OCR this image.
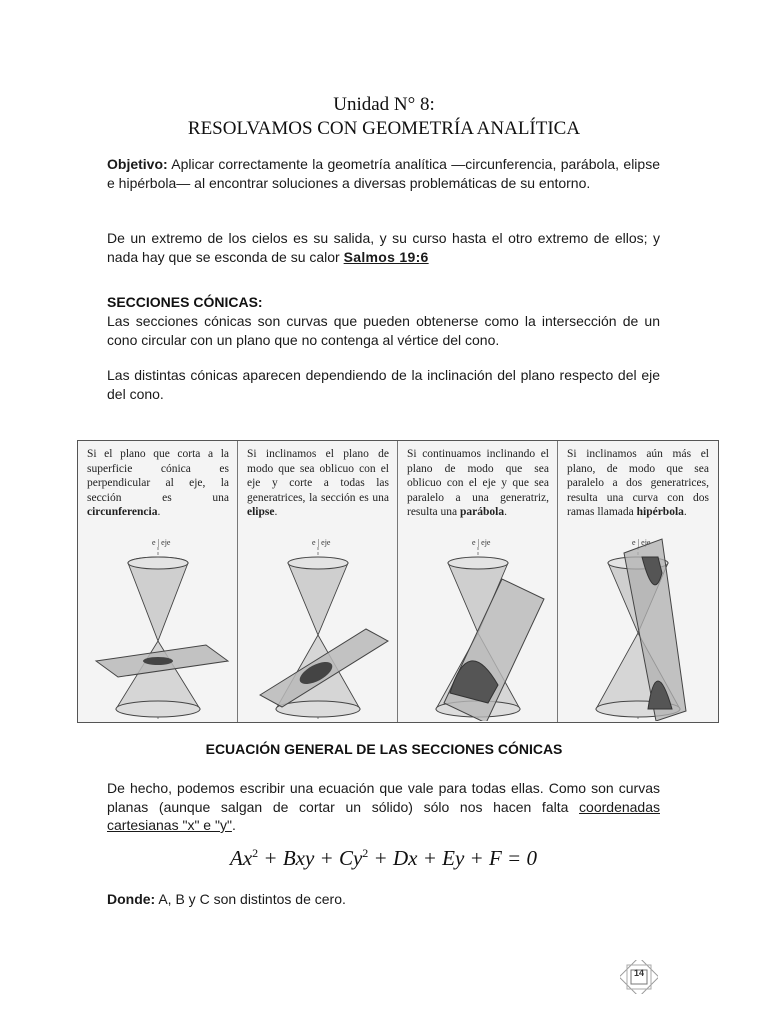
Unidad N° 8:
RESOLVAMOS CON GEOMETRÍA ANALÍTICA
Objetivo: Aplicar correctamente la geometría analítica —circunferencia, parábola, elipse e hipérbola— al encontrar soluciones a diversas problemáticas de su entorno.
De un extremo de los cielos es su salida, y su curso hasta el otro extremo de ellos; y nada hay que se esconda de su calor Salmos 19:6
SECCIONES CÓNICAS:
Las secciones cónicas son curvas que pueden obtenerse como la intersección de un cono circular con un plano que no contenga al vértice del cono.
Las distintas cónicas aparecen dependiendo de la inclinación del plano respecto del eje del cono.
Si el plano que corta a la superficie cónica es perpendicular al eje, la sección es una circunferencia.
e | eje
Si inclinamos el plano de modo que sea oblicuo con el eje y corte a todas las generatrices, la sección es una elipse.
e | eje
Si continuamos inclinando el plano de modo que sea oblicuo con el eje y que sea paralelo a una generatriz, resulta una parábola.
e | eje
Si inclinamos aún más el plano, de modo que sea paralelo a dos generatrices, resulta una curva con dos ramas llamada hipérbola.
e | eje
ECUACIÓN GENERAL DE LAS SECCIONES CÓNICAS
De hecho, podemos escribir una ecuación que vale para todas ellas. Como son curvas planas (aunque salgan de cortar un sólido) sólo nos hacen falta coordenadas cartesianas "x" e "y".
$Ax^2$ + Bxy + $Cy^2 + Dx + Ey + F = 0$
Donde: A, B y C son distintos de cero.
14
